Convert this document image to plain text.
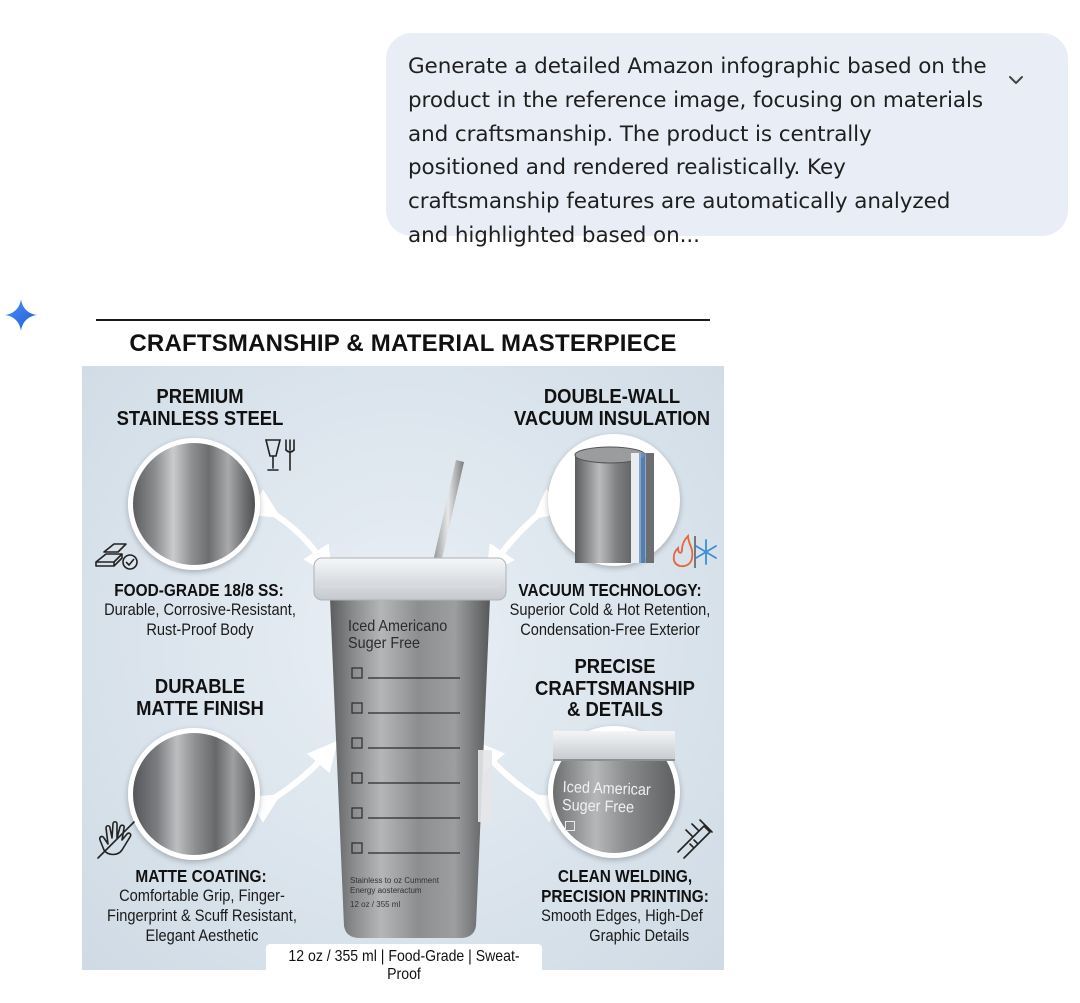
Generate a detailed Amazon infographic based on the product in the reference image, focusing on materials and craftsmanship. The product is centrally positioned and rendered realistically. Key craftsmanship features are automatically analyzed and highlighted based on...
CRAFTSMANSHIP & MATERIAL MASTERPIECE
PREMIUM
STAINLESS STEEL
FOOD-GRADE 18/8 SS:
Durable, Corrosive-Resistant,
Rust-Proof Body
DOUBLE-WALL
VACUUM INSULATION
VACUUM TECHNOLOGY:
Superior Cold & Hot Retention,
Condensation-Free Exterior
DURABLE
MATTE FINISH
MATTE COATING:
Comfortable Grip, Finger-
Fingerprint & Scuff Resistant,
Elegant Aesthetic
PRECISE
CRAFTSMANSHIP
& DETAILS
Iced Americar
Suger Free
CLEAN WELDING,
PRECISION PRINTING:
Smooth Edges, High-Def
Graphic Details
Iced Americano
Suger Free
Stainless to oz Cumment
Energy aosteractum
12 oz / 355 ml
12 oz / 355 ml | Food-Grade | Sweat-Proof
